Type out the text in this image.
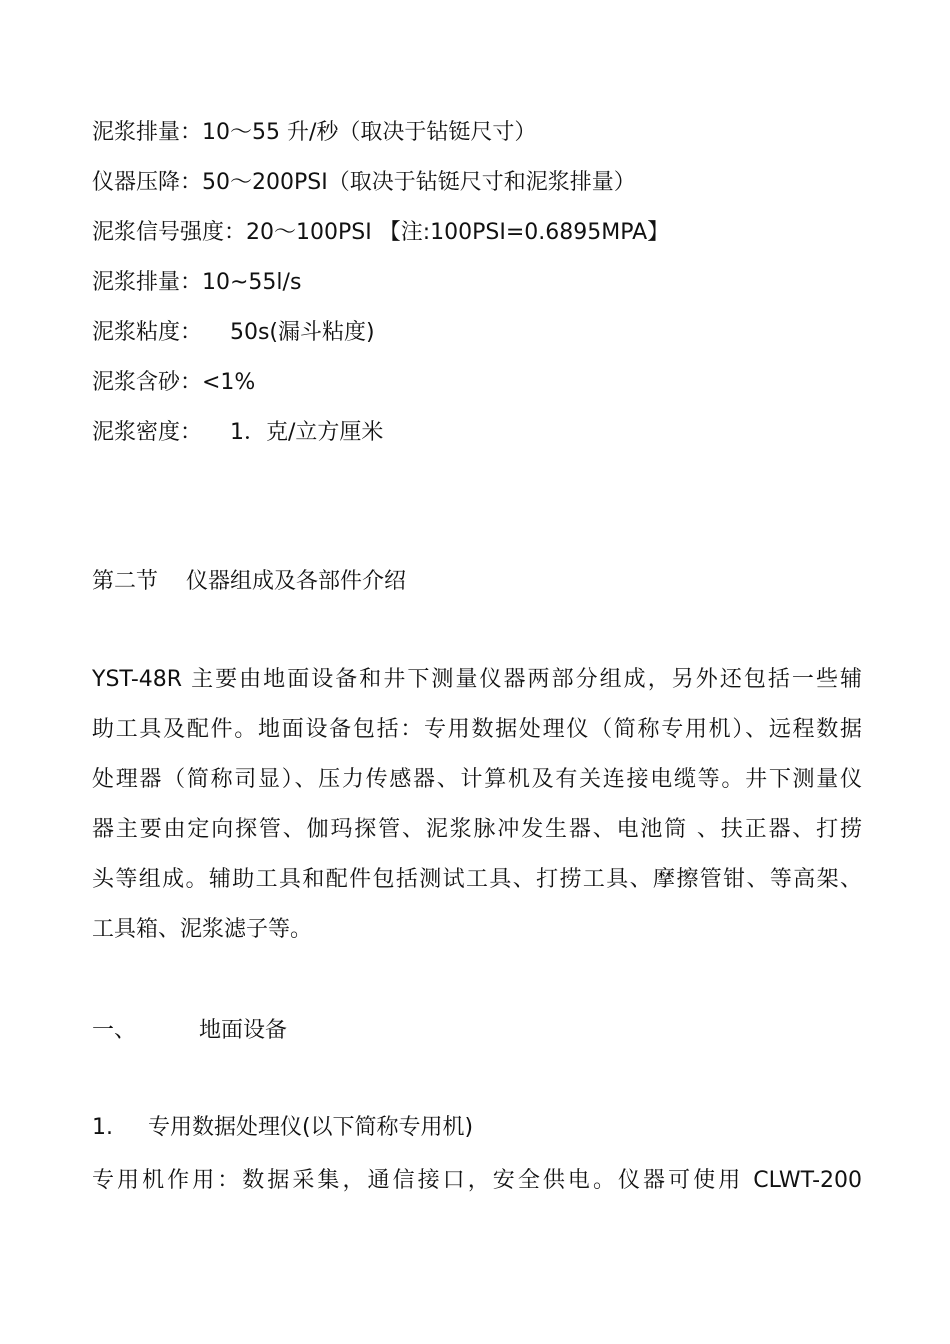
泥浆排量：10～55 升/秒（取决于钻铤尺寸）
仪器压降：50～200PSI（取决于钻铤尺寸和泥浆排量）
泥浆信号强度：20～100PSI 【注:100PSI=0.6895MPA】
泥浆排量：10~55l/s
泥浆粘度：    50s(漏斗粘度)
泥浆含砂：<1%
泥浆密度：    1．克/立方厘米
第二节    仪器组成及各部件介绍
YST-48R 主要由地面设备和井下测量仪器两部分组成，另外还包括一些辅
助工具及配件。地面设备包括：专用数据处理仪（简称专用机）、远程数据
处理器（简称司显）、压力传感器、计算机及有关连接电缆等。井下测量仪
器主要由定向探管、伽玛探管、泥浆脉冲发生器、电池筒 、扶正器、打捞
头等组成。辅助工具和配件包括测试工具、打捞工具、摩擦管钳、等高架、
工具箱、泥浆滤子等。
一、         地面设备
1.     专用数据处理仪(以下简称专用机)
专用机作用：数据采集，通信接口，安全供电。仪器可使用 CLWT-200
